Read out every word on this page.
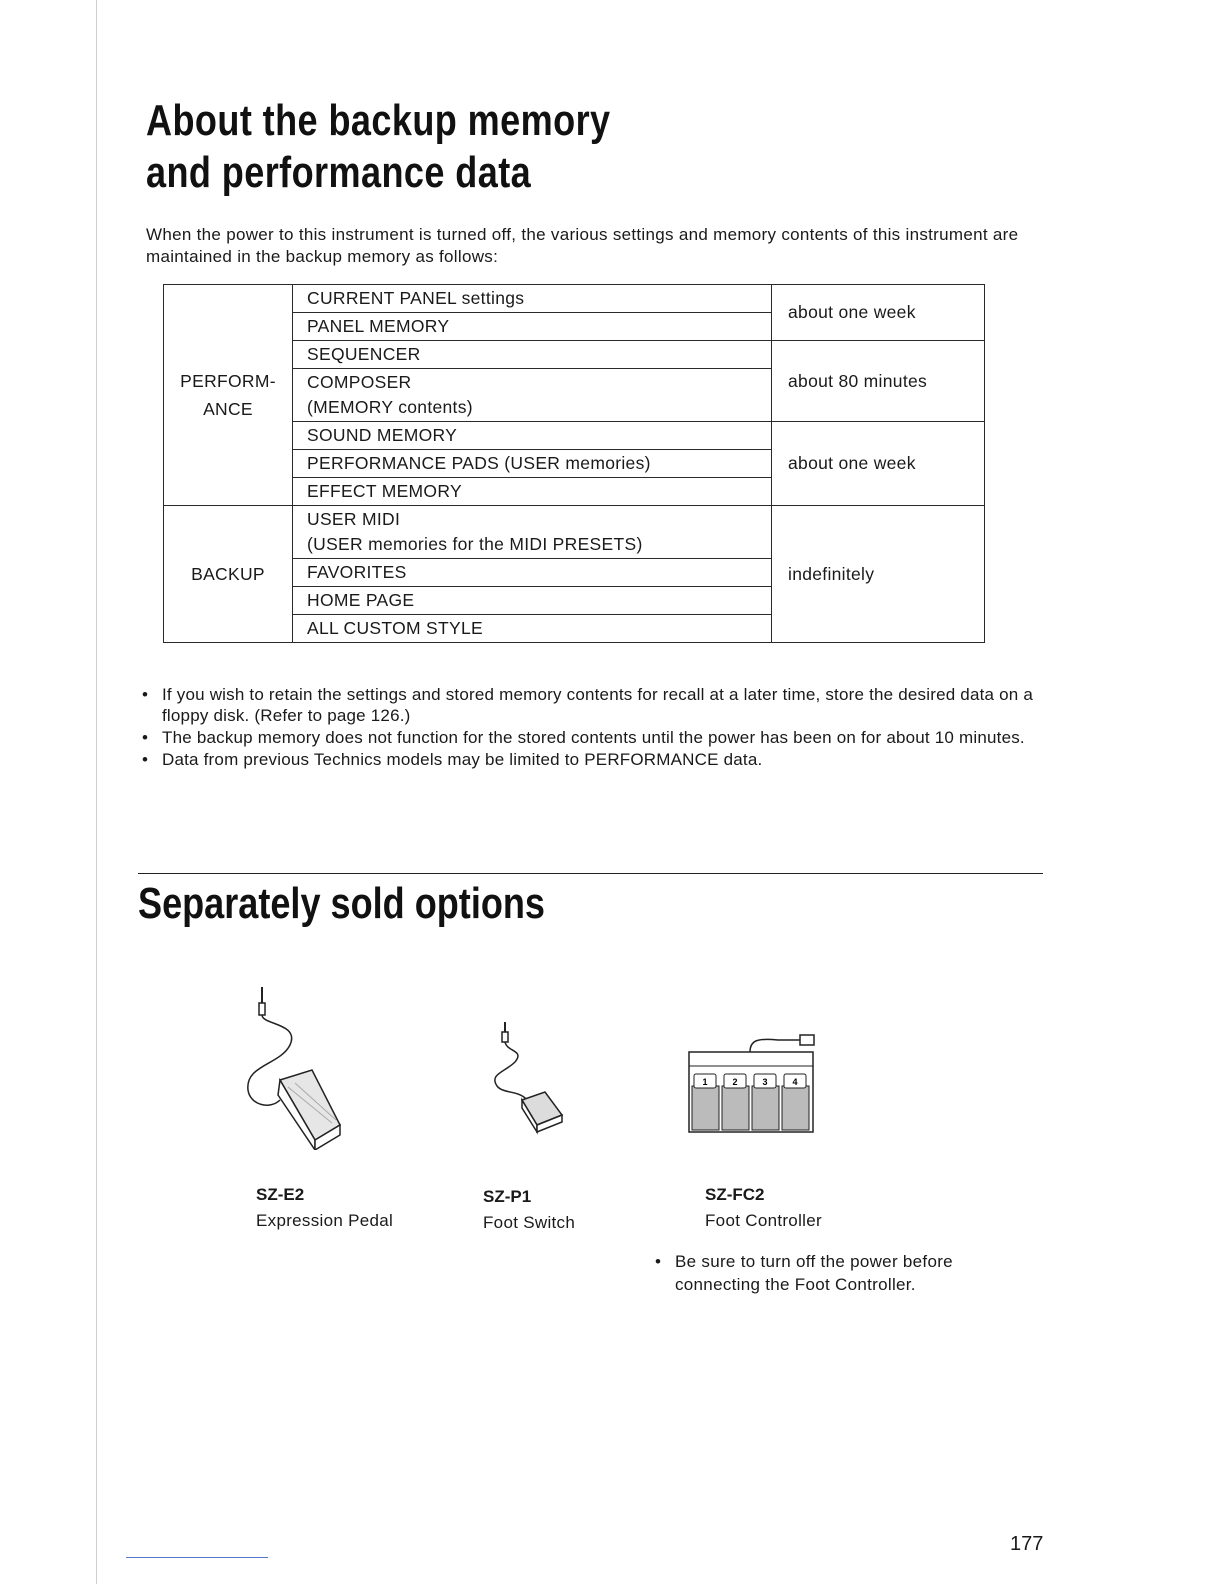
About the backup memory
and performance data

When the power to this instrument is turned off, the various settings and memory contents of this instrument are maintained in the backup memory as follows:

PERFORM-
ANCE	CURRENT PANEL settings	about one week
	PANEL MEMORY	
	SEQUENCER	about 80 minutes
	COMPOSER
(MEMORY contents)	
	SOUND MEMORY	about one week
	PERFORMANCE PADS (USER memories)	
	EFFECT MEMORY	
BACKUP	USER MIDI
(USER memories for the MIDI PRESETS)	indefinitely
	FAVORITES	
	HOME PAGE	
	ALL CUSTOM STYLE	
• If you wish to retain the settings and stored memory contents for recall at a later time, store the desired data on a floppy disk. (Refer to page 126.)
• The backup memory does not function for the stored contents until the power has been on for about 10 minutes.
• Data from previous Technics models may be limited to PERFORMANCE data.
Separately sold options
SZ-E2
Expression Pedal
SZ-P1
Foot Switch
1	2	3	4
SZ-FC2
Foot Controller
• Be sure to turn off the power before connecting the Foot Controller.
177
